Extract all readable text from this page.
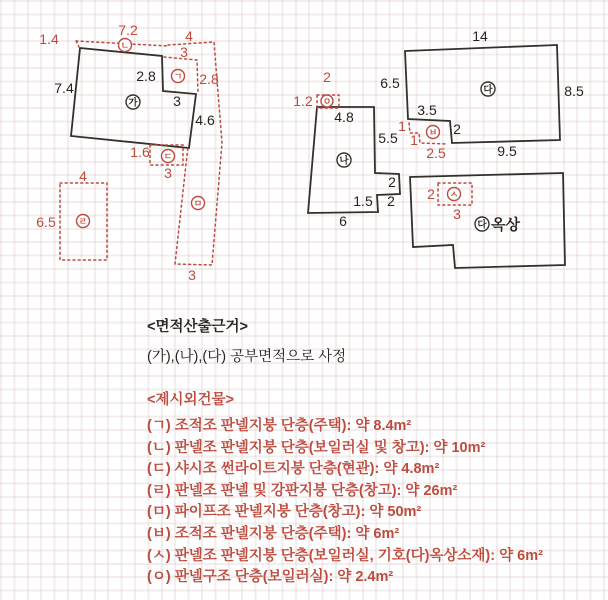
7.4
2.8
3
4.6
7.2
1.4	4
3
2.8
1.6
3
4
6.5
3
가
ㄴ
ㄱ
ㄷ
ㄹ
ㅁ
14
6.5	8.5
3.5
2
9.5
4.8
5.5
2
2
1.5
6
2
1.2
1
1
2.5
2
3
나
다
ㅇ
ㅂ
ㅅ
다 옥상

<면적산출근거>

(가),(나),(다) 공부면적으로 사정

<제시외건물>

(ㄱ) 조적조 판넬지붕 단층(주택): 약 8.4m²
(ㄴ) 판넬조 판넬지붕 단층(보일러실 및 창고): 약 10m²
(ㄷ) 샤시조 썬라이트지붕 단층(현관): 약 4.8m²
(ㄹ) 판넬조 판넬 및 강판지붕 단층(창고): 약 26m²
(ㅁ) 파이프조 판넬지붕 단층(창고): 약 50m²
(ㅂ) 조적조 판넬지붕 단층(주택): 약 6m²
(ㅅ) 판넬조 판넬지붕 단층(보일러실, 기호(다)옥상소재): 약 6m²
(ㅇ) 판넬구조 단층(보일러실): 약 2.4m²
